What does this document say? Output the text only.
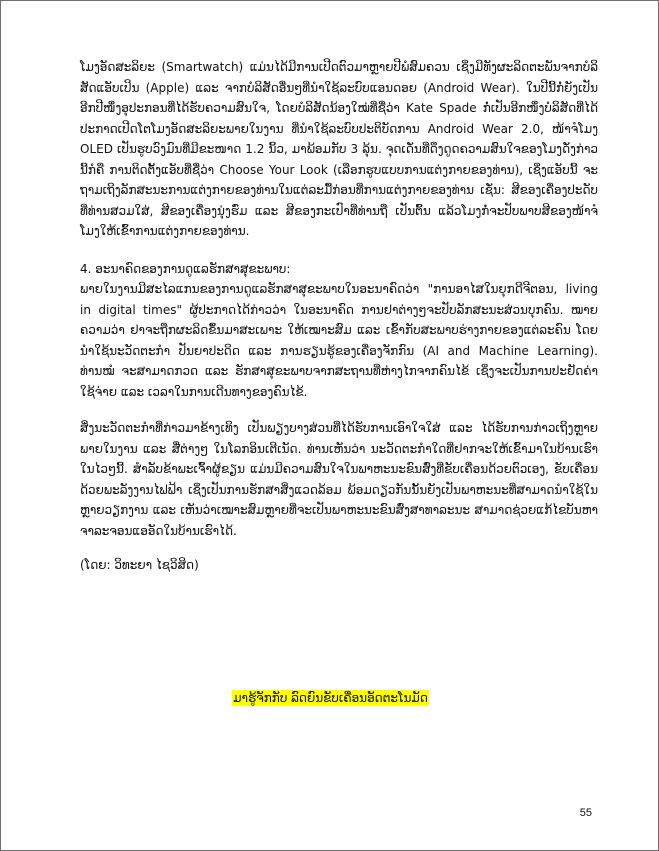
ໂມງອັດສະລິຍະ (Smartwatch) ແມ່ນໄດ້ມີການເປີດຕົວມາຫຼາຍປີພໍສົມຄວນ ເຊິ່ງມີທັງຜະລິດຕະພັນຈາກບໍລິສັດແອັບເປິນ (Apple) ແລະ ຈາກບໍລິສັດອື່ນໆທີ່ນຳໃຊ້ລະບົບແອນດອຍ (Android Wear). ໃນປີນີ້ກໍ່ຍັງເປັນອີກປີໜຶ່ງອຸປະກອນທີ່ໄດ້ຮັບຄວາມສົນໃຈ, ໂດຍບໍລິສັດນ້ອງໃໝ່ທີ່ຊື່ວ່າ Kate Spade ກໍ່ເປັນອີກໜຶ່ງບໍລິສັດທີ່ໄດ້ປະກາດເປີດໂຕໂມງອັດສະລິຍະພາຍໃນງານ ທີ່ນຳໃຊ້ລະບົບປະຕິບັດການ Android Wear 2.0, ໜ້າຈໍໂມງ OLED ເປັນຮູບວົງມົນທີ່ມີຂະໜາດ 1.2 ນິ້ວ, ມາພ້ອມກັບ 3 ລຸ້ນ. ຈຸດເດັ່ນທີ່ດຶງດູດຄວາມສົນໃຈຂອງໂມງດັ່ງກ່າວນີ້ກໍຄື ການຕິດຕັ້ງແອັບທີ່ຊື່ວ່າ Choose Your Look (ເລືອກຮູບແບບການແຕ່ງກາຍຂອງທ່ານ), ເຊິ່ງແອັບນີ້ ຈະຖາມເຖິງລັກສະນະການແຕ່ງກາຍຂອງທ່ານໃນແຕ່ລະມື້ກ່ອນທີ່ການແຕ່ງກາຍຂອງທ່ານ ເຊັ່ນ: ສີຂອງເຄື່ອງປະດັບທີ່ທ່ານສວມໃສ່, ສີຂອງເຄື່ອງນຸ່ງຮົ່ມ ແລະ ສີຂອງກະເປົາທີ່ທ່ານຖື ເປັນຕົ້ນ ແລ້ວໂມງກໍ່ຈະປັບພາບສີຂອງໜ້າຈໍໂມງໃຫ້ເຂົ້າການແຕ່ງກາຍຂອງທ່ານ.

4. ອະນາຄົດຂອງການດູແລຮັກສາສຸຂະພາບ:

ພາຍໃນງານມີສະໄລແກນຂອງການດູແລຮັກສາສຸຂະພາບໃນອະນາຄົດວ່າ "ການອາໄສໃນຍຸກດີຈີຕອນ, living in digital times" ຜູ້ປະກາດໄດ້ກ່າວວ່າ ໃນອະນາຄົດ ການຢາຕ່າງໆຈະປັບລັກສະນະສ່ວນບຸກຄົນ. ໝາຍຄວາມວ່າ ຢາຈະຖືກຜະລິດຂຶ້ນມາສະເພາະ ໃຫ້ເໝາະສົມ ແລະ ເຂົ້າກັບສະພາບຮ່າງກາຍຂອງແຕ່ລະຄົນ ໂດຍນຳໃຊ້ນະວັດຕະກຳ ປັນຍາປະດິດ ແລະ ການຮຽນຮູ້ຂອງເຄື່ອງຈັກກົນ (AI and Machine Learning). ທ່ານໝໍ ຈະສາມາດກວດ ແລະ ຮັກສາສຸຂະພາບຈາກສະຖານທີ່ຫ່າງໄກຈາກຄົນໄຂ້ ເຊິ່ງຈະເປັນການປະຢັດຄ່າໃຊ້ຈ່າຍ ແລະ ເວລາໃນການເດີນທາງຂອງຄົນໄຂ້.

ສິ່ງນະວັດຕະກຳທີ່ກ່າວມາຂ້າງເທິງ ເປັນພຽງບາງສ່ວນທີ່ໄດ້ຮັບການເອົາໃຈໃສ່ ແລະ ໄດ້ຮັບການກ່າວເຖິງຫຼາຍພາຍໃນງານ ແລະ ສື່ຕ່າງໆ ໃນໂລກອິນເຕີເນັດ. ທ່ານເຫັນວ່າ ນະວັດຕະກຳໃດທີ່ຢາກຈະໃຫ້ເຂົ້າມາໃນບ້ານເຮົາໃນໄວໆນີ້. ສຳລັບຂ້າພະເຈົ້າຜູ້ຂຽນ ແມ່ນມີຄວາມສົນໃຈໃນພາຫະນະຂົນສົ່ງທີ່ຂັບເຄື່ອນດ້ວຍຕົວເອງ, ຂັບເຄື່ອນດ້ວຍພະລັງງານໄຟຟ້າ ເຊິ່ງເປັນການຮັກສາສິ່ງແວດລ້ອມ ພ້ອມດຽວກັນນັ້ນຍັງເປັນພາຫະນະທີ່ສາມາດນຳໃຊ້ໃນຫຼາຍວຽກງານ ແລະ ເຫັນວ່າເໝາະສົມຫຼາຍທີ່ຈະເປັນພາຫະນະຂົນສົ່ງສາທາລະນະ ສາມາດຊ່ວຍແກ້ໄຂບັນຫາຈາລະຈອນແອອັດໃນບ້ານເຮົາໄດ້.

(ໂດຍ: ວິທະຍາ ໄຊວິສິດ)

ມາຮູ້ຈັກກັບ ລົດຍົນຂັບເຄື່ອນອັດຕະໂນມັດ
55
